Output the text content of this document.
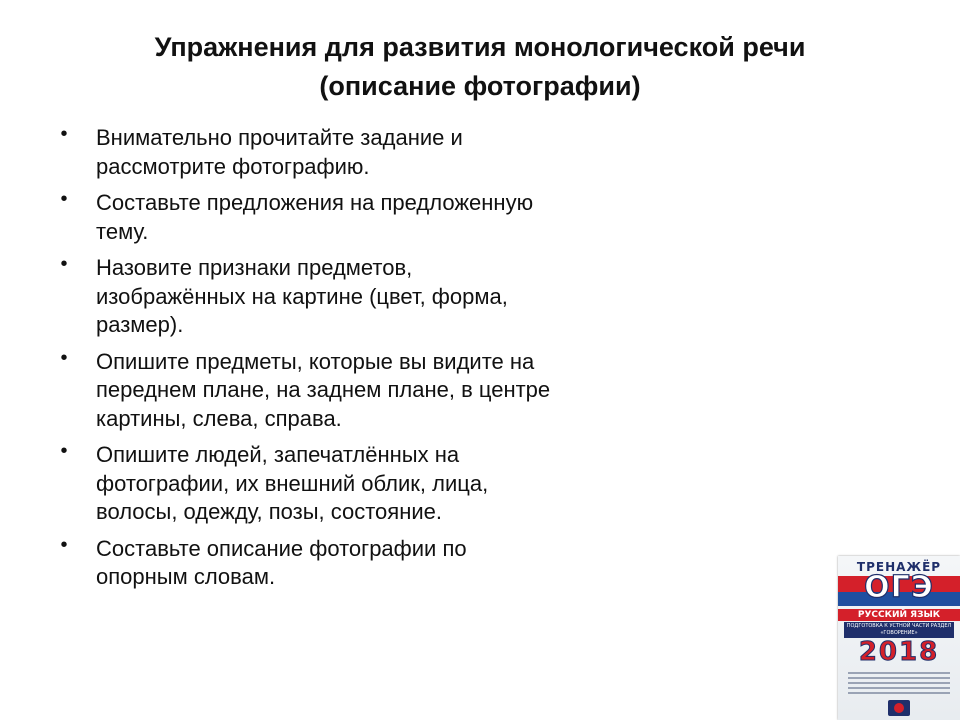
Упражнения для развития монологической речи
(описание фотографии)
• Внимательно прочитайте задание и
рассмотрите фотографию.
• Составьте предложения на предложенную
тему.
• Назовите признаки предметов,
изображённых на картине (цвет, форма,
размер).
• Опишите предметы, которые вы видите на
переднем плане, на заднем плане, в центре
картины, слева, справа.
• Опишите людей, запечатлённых на
фотографии, их внешний облик, лица,
волосы, одежду, позы, состояние.
• Составьте описание фотографии по
опорным словам.	ТРЕНАЖЁР
ОГЭ
РУССКИЙ ЯЗЫК
ПОДГОТОВКА К УСТНОЙ ЧАСТИ РАЗДЕЛ «ГОВОРЕНИЕ»
2018
